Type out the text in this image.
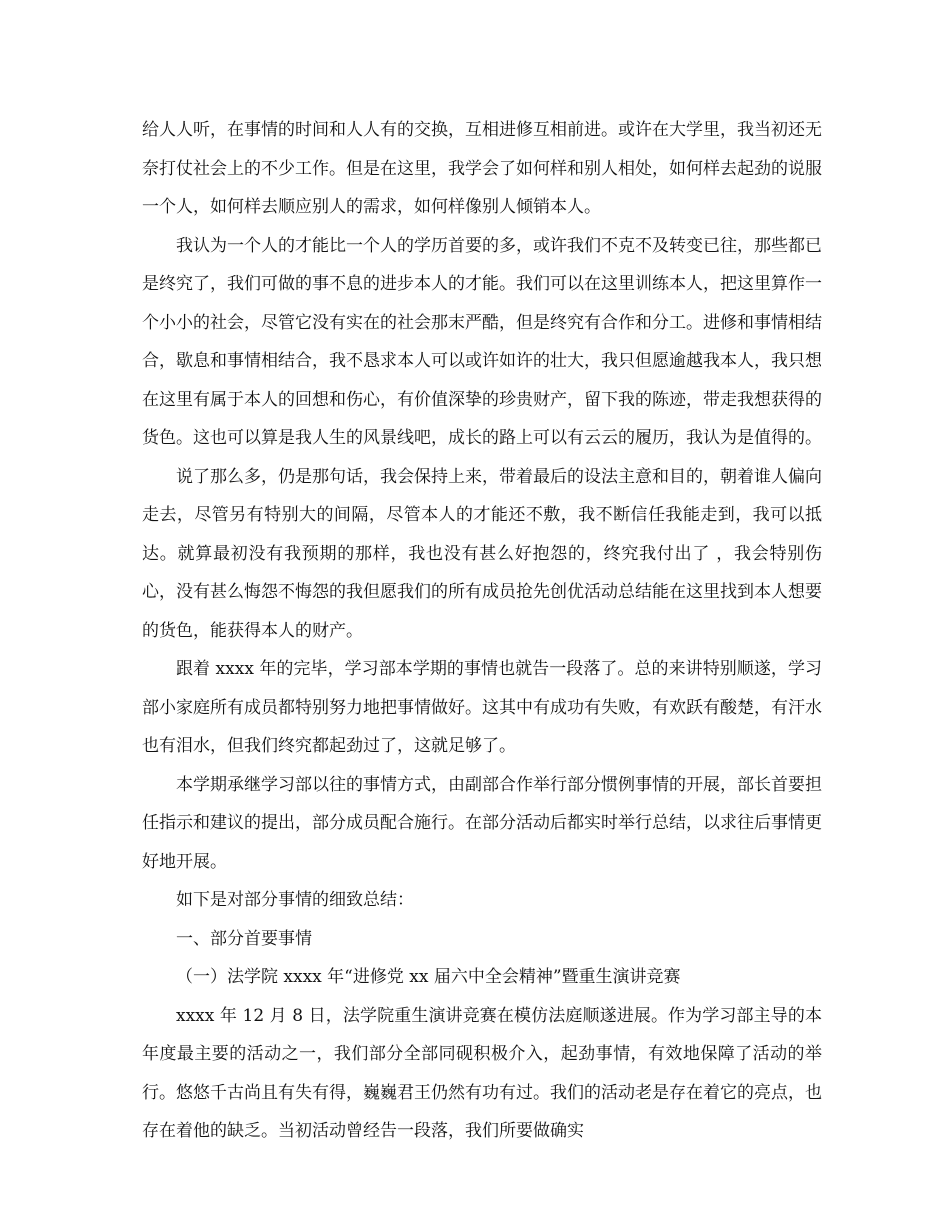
给人人听，在事情的时间和人人有的交换，互相进修互相前进。或许在大学里，我当初还无奈打仗社会上的不少工作。但是在这里，我学会了如何样和别人相处，如何样去起劲的说服一个人，如何样去顺应别人的需求，如何样像别人倾销本人。

我认为一个人的才能比一个人的学历首要的多，或许我们不克不及转变已往，那些都已是终究了，我们可做的事不息的进步本人的才能。我们可以在这里训练本人，把这里算作一个小小的社会，尽管它没有实在的社会那末严酷，但是终究有合作和分工。进修和事情相结合，歇息和事情相结合，我不恳求本人可以或许如许的壮大，我只但愿逾越我本人，我只想在这里有属于本人的回想和伤心，有价值深挚的珍贵财产，留下我的陈迹，带走我想获得的货色。这也可以算是我人生的风景线吧，成长的路上可以有云云的履历，我认为是值得的。

说了那么多，仍是那句话，我会保持上来，带着最后的设法主意和目的，朝着谁人偏向走去，尽管另有特别大的间隔，尽管本人的才能还不敷，我不断信任我能走到，我可以抵达。就算最初没有我预期的那样，我也没有甚么好抱怨的，终究我付出了 ，我会特别伤心，没有甚么悔怨不悔怨的我但愿我们的所有成员抢先创优活动总结能在这里找到本人想要的货色，能获得本人的财产。

跟着 xxxx 年的完毕，学习部本学期的事情也就告一段落了。总的来讲特别顺遂，学习部小家庭所有成员都特别努力地把事情做好。这其中有成功有失败，有欢跃有酸楚，有汗水也有泪水，但我们终究都起劲过了，这就足够了。

本学期承继学习部以往的事情方式，由副部合作举行部分惯例事情的开展，部长首要担任指示和建议的提出，部分成员配合施行。在部分活动后都实时举行总结，以求往后事情更好地开展。

如下是对部分事情的细致总结：

一、部分首要事情

（一）法学院 xxxx 年“进修党 xx 届六中全会精神”暨重生演讲竞赛

xxxx 年 12 月 8 日，法学院重生演讲竞赛在模仿法庭顺遂进展。作为学习部主导的本年度最主要的活动之一，我们部分全部同砚积极介入，起劲事情，有效地保障了活动的举行。悠悠千古尚且有失有得，巍巍君王仍然有功有过。我们的活动老是存在着它的亮点，也存在着他的缺乏。当初活动曾经告一段落，我们所要做确实
